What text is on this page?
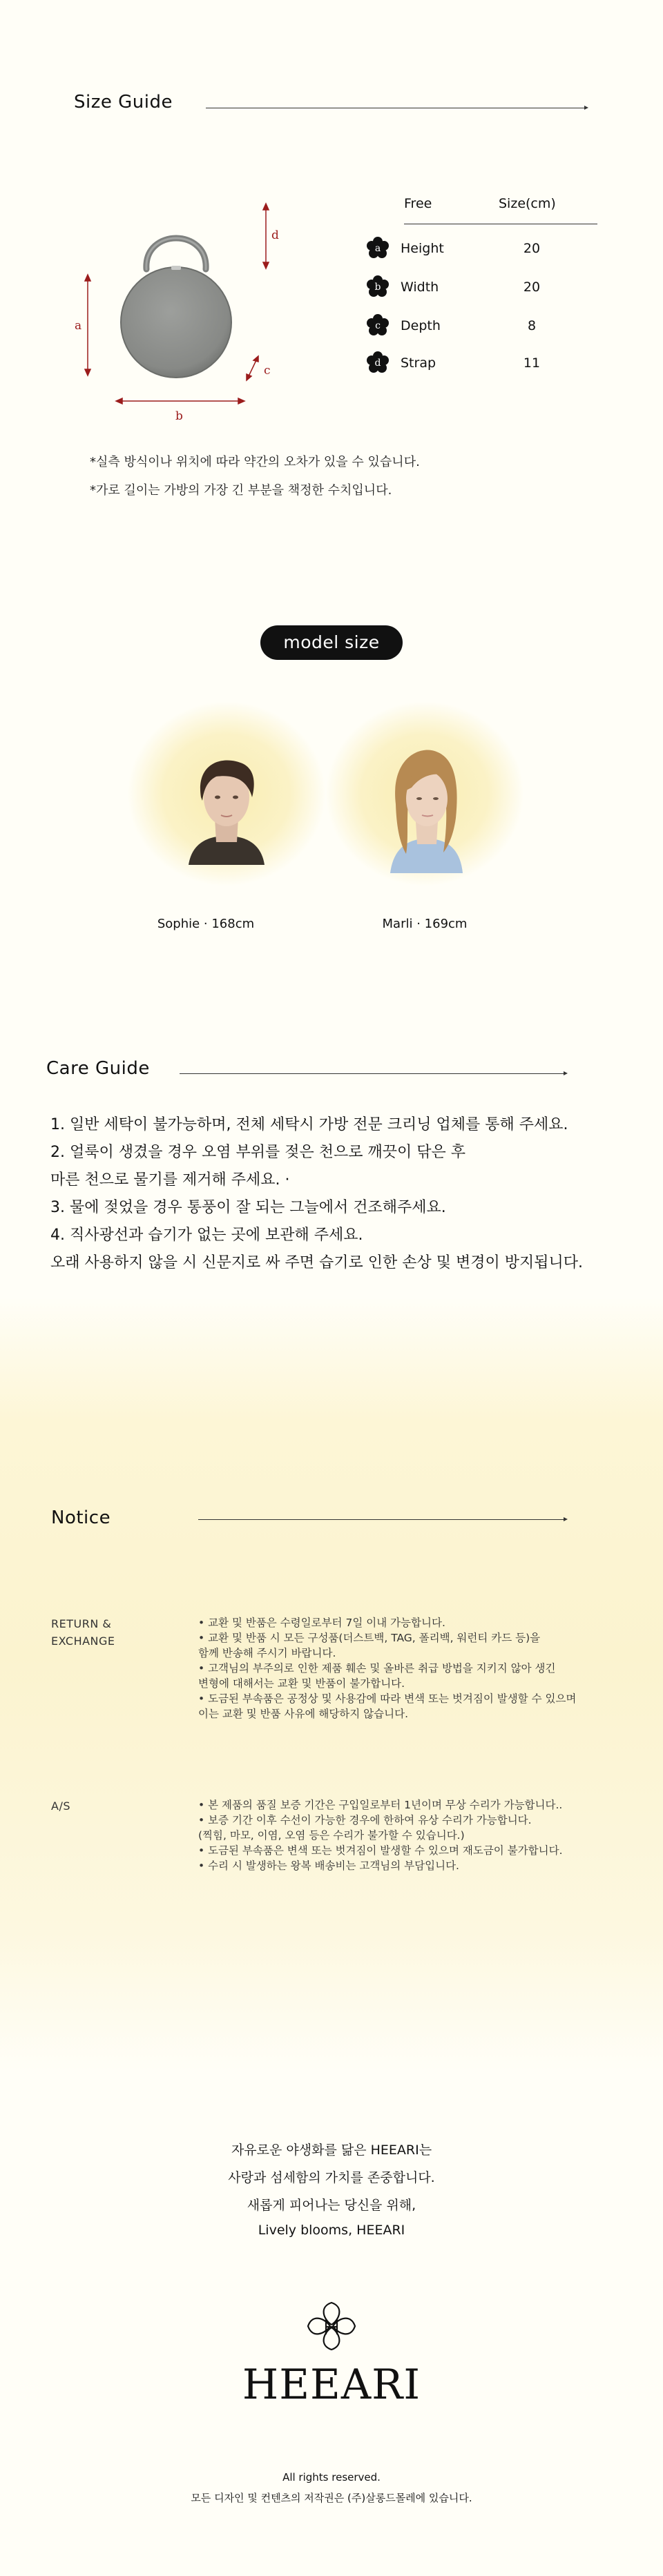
Size Guide
a
b
d
c
Free	Size(cm)
a Height	20
b Width	20
c Depth	8
d Strap	11
*실측 방식이나 위치에 따라 약간의 오차가 있을 수 있습니다.
*가로 길이는 가방의 가장 긴 부분을 책정한 수치입니다.
model size
Sophie · 168cm	Marli · 169cm
Care Guide
1. 일반 세탁이 불가능하며, 전체 세탁시 가방 전문 크리닝 업체를 통해 주세요.
2. 얼룩이 생겼을 경우 오염 부위를 젖은 천으로 깨끗이 닦은 후
마른 천으로 물기를 제거해 주세요. ·
3. 물에 젖었을 경우 통풍이 잘 되는 그늘에서 건조해주세요.
4. 직사광선과 습기가 없는 곳에 보관해 주세요.
오래 사용하지 않을 시 신문지로 싸 주면 습기로 인한 손상 및 변경이 방지됩니다.
Notice
RETURN &
EXCHANGE
• 교환 및 반품은 수령일로부터 7일 이내 가능합니다.
• 교환 및 반품 시 모든 구성품(더스트백, TAG, 폴리백, 워런티 카드 등)을
함께 반송해 주시기 바랍니다.
• 고객님의 부주의로 인한 제품 훼손 및 올바른 취급 방법을 지키지 않아 생긴
변형에 대해서는 교환 및 반품이 불가합니다.
• 도금된 부속품은 공정상 및 사용감에 따라 변색 또는 벗겨짐이 발생할 수 있으며
이는 교환 및 반품 사유에 해당하지 않습니다.
A/S	• 본 제품의 품질 보증 기간은 구입일로부터 1년이며 무상 수리가 가능합니다..
• 보증 기간 이후 수선이 가능한 경우에 한하여 유상 수리가 가능합니다.
(찍힘, 마모, 이염, 오염 등은 수리가 불가할 수 있습니다.)
• 도금된 부속품은 변색 또는 벗겨짐이 발생할 수 있으며 재도금이 불가합니다.
• 수리 시 발생하는 왕복 배송비는 고객님의 부담입니다.
자유로운 야생화를 닮은 HEEARI는
사랑과 섬세함의 가치를 존중합니다.
새롭게 피어나는 당신을 위해,
Lively blooms, HEEARI
HEEARI
All rights reserved.
모든 디자인 및 컨텐츠의 저작권은 (주)살롱드몰레에 있습니다.
